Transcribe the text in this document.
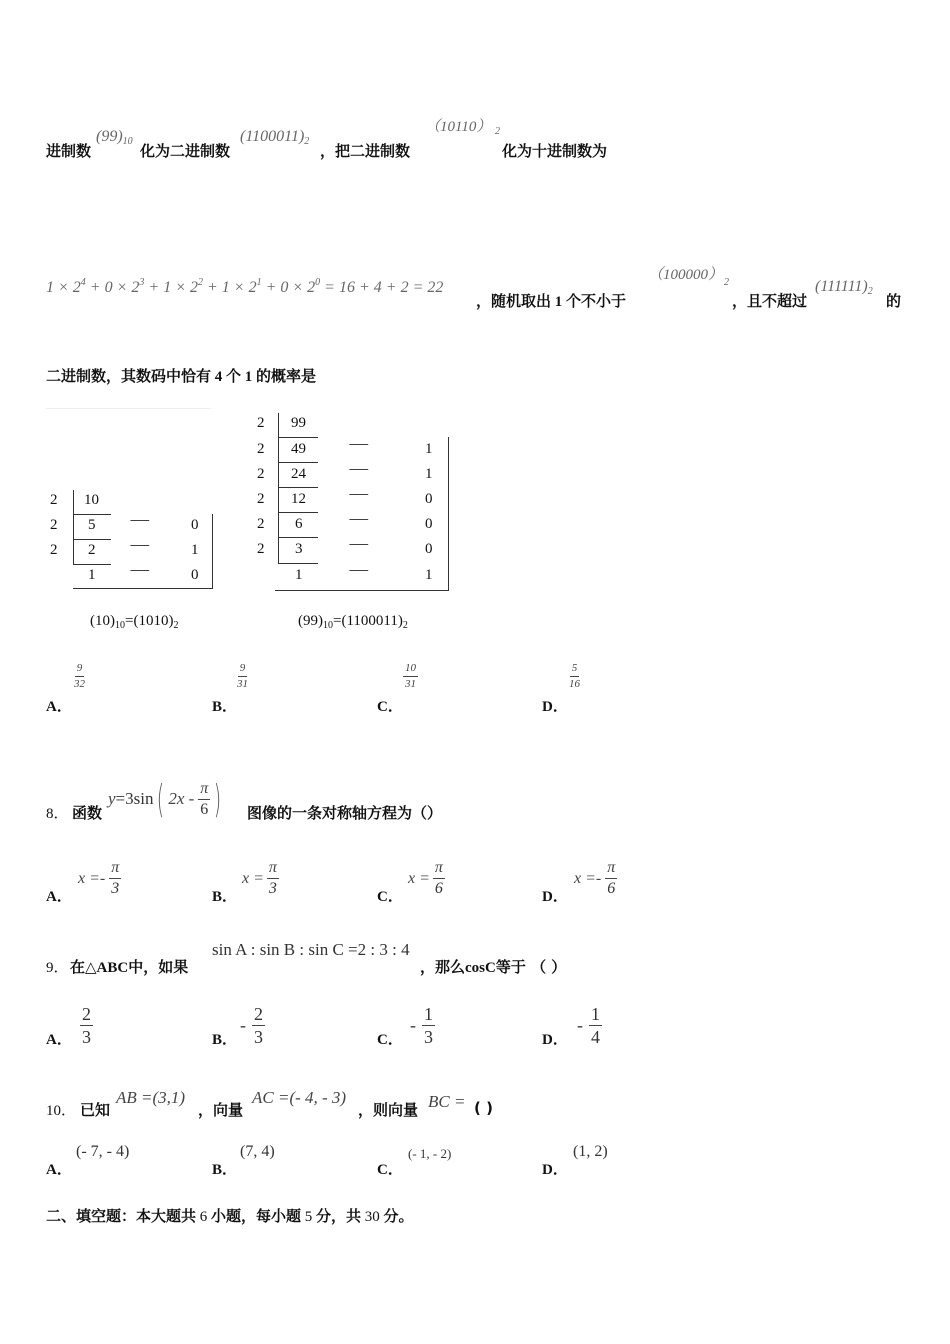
进制数
$(99)_{10}$
化为二进制数
$(1100011)_2$
，把二进制数
（10110） 2
化为十进制数为
$1 \times 2^4 + 0 \times 2^3 + 1 \times 2^2 + 1 \times 2^1 + 0 \times 2^0 = 16 + 4 + 2 = 22$
，随机取出 1 个不小于
（100000） 2
，且不超过
$(111111)_2$
的
二进制数，其数码中恰有 4 个 1 的概率是
2 10
2 5	--------	0
2 2	--------	1
1	--------	0
$(10)_{10}=(1010)_2$
2 99
2 49	--------	1
2 24	--------	1
2 12	--------	0
2 6	--------	0
2 3	--------	0
1	--------	1
$(99)_{10}=(1100011)_2$
A．
$\frac{9}{32}$
B．
$\frac{9}{31}$
C．
$\frac{10}{31}$
D．
$\frac{5}{16}$
8． 函数
y =3sin ( $2x - \frac{\pi}{6}$ ) 图像的一条对称轴方程为（）
A．
$x =- \frac{\pi}{3}$	B．
$x = \frac{\pi}{3}$	C．
$x = \frac{\pi}{6}$	D．
$x =- \frac{\pi}{6}$
9． 在△ABC中，如果
sin A : sin B : sin C =2 : 3 : 4
，那么cosC等于 （ ）
A． $\frac{2}{3}$	B．
- $\frac{2}{3}$	C．
- $\frac{1}{3}$	D．
- $\frac{1}{4}$
10． 已知
AB =(3,1)
，向量
AC =(- 4, - 3)
，则向量 BC = ( )
A．
(- 7, - 4)
B．
(7, 4)
C．
(- 1, - 2)
D．
(1, 2)
二、填空题：本大题共 6 小题，每小题 5 分，共 30 分。
